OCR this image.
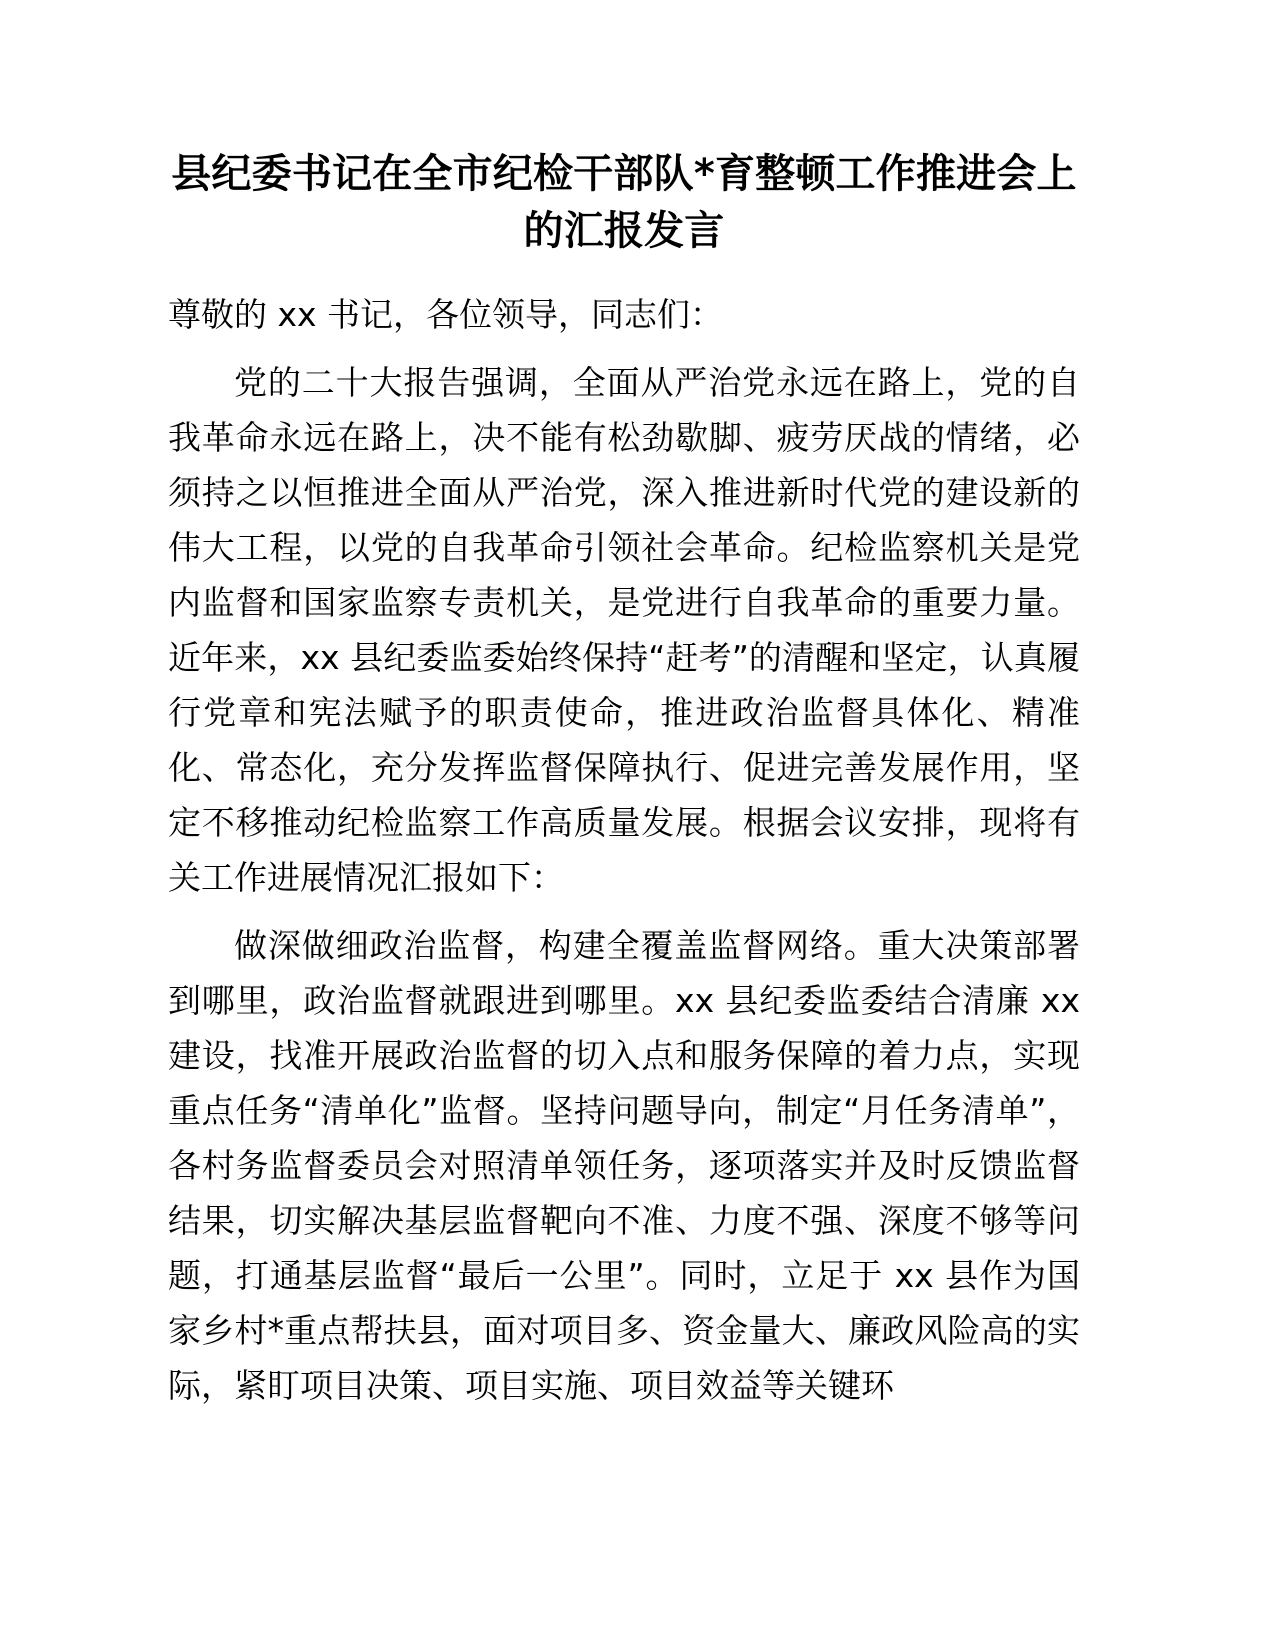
县纪委书记在全市纪检干部队*育整顿工作推进会上的汇报发言

尊敬的 xx 书记，各位领导，同志们：

党的二十大报告强调，全面从严治党永远在路上，党的自我革命永远在路上，决不能有松劲歇脚、疲劳厌战的情绪，必须持之以恒推进全面从严治党，深入推进新时代党的建设新的伟大工程，以党的自我革命引领社会革命。纪检监察机关是党内监督和国家监察专责机关，是党进行自我革命的重要力量。近年来，xx 县纪委监委始终保持“赶考”的清醒和坚定，认真履行党章和宪法赋予的职责使命，推进政治监督具体化、精准化、常态化，充分发挥监督保障执行、促进完善发展作用，坚定不移推动纪检监察工作高质量发展。根据会议安排，现将有关工作进展情况汇报如下：

做深做细政治监督，构建全覆盖监督网络。重大决策部署到哪里，政治监督就跟进到哪里。xx 县纪委监委结合清廉 xx 建设，找准开展政治监督的切入点和服务保障的着力点，实现重点任务“清单化”监督。坚持问题导向，制定“月任务清单”，各村务监督委员会对照清单领任务，逐项落实并及时反馈监督结果，切实解决基层监督靶向不准、力度不强、深度不够等问题，打通基层监督“最后一公里”。同时，立足于 xx 县作为国家乡村*重点帮扶县，面对项目多、资金量大、廉政风险高的实际，紧盯项目决策、项目实施、项目效益等关键环
